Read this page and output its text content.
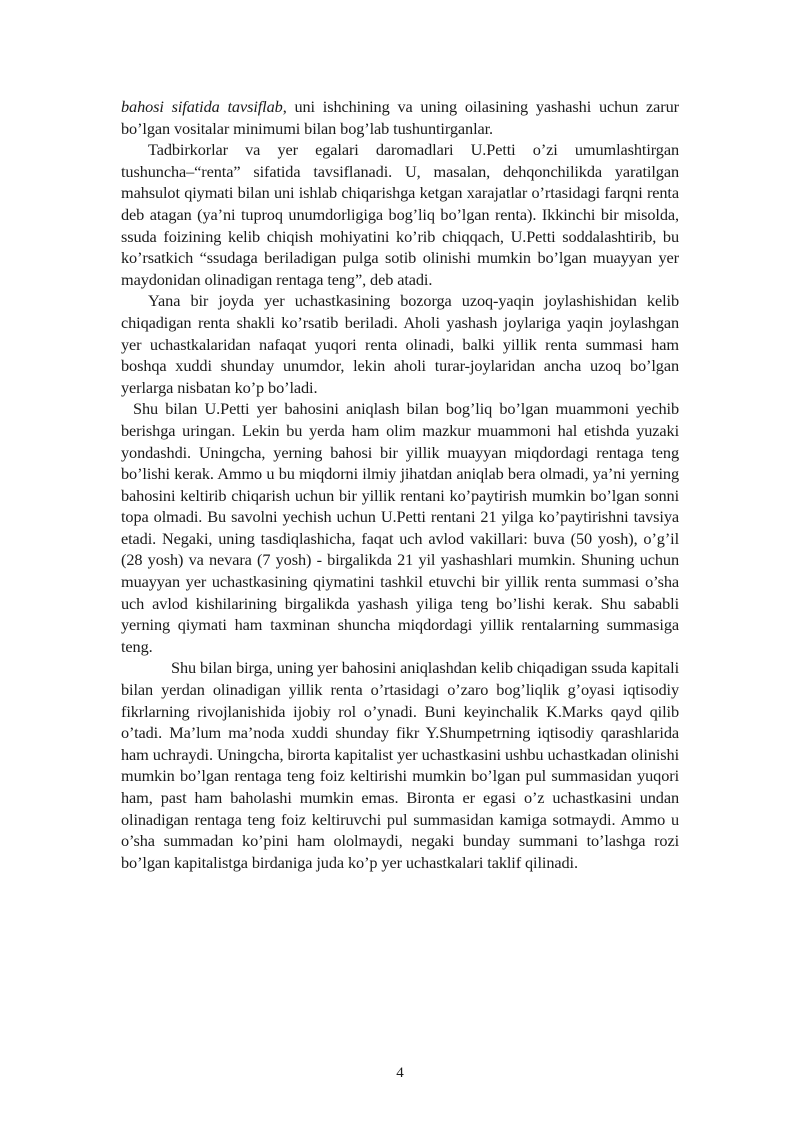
bahosi sifatida tavsiflab, uni ishchining va uning oilasining yashashi uchun zarur bo’lgan vositalar minimumi bilan bog’lab tushuntirganlar.

Tadbirkorlar va yer egalari daromadlari U.Petti o’zi umumlashtirgan tushuncha–“renta” sifatida tavsiflanadi. U, masalan, dehqonchilikda yaratilgan mahsulot qiymati bilan uni ishlab chiqarishga ketgan xarajatlar o’rtasidagi farqni renta deb atagan (ya’ni tuproq unumdorligiga bog’liq bo’lgan renta). Ikkinchi bir misolda, ssuda foizining kelib chiqish mohiyatini ko’rib chiqqach, U.Petti soddalashtirib, bu ko’rsatkich “ssudaga beriladigan pulga sotib olinishi mumkin bo’lgan muayyan yer maydonidan olinadigan rentaga teng”, deb atadi.

Yana bir joyda yer uchastkasining bozorga uzoq-yaqin joylashishidan kelib chiqadigan renta shakli ko’rsatib beriladi. Aholi yashash joylariga yaqin joylashgan yer uchastkalaridan nafaqat yuqori renta olinadi, balki yillik renta summasi ham boshqa xuddi shunday unumdor, lekin aholi turar-joylaridan ancha uzoq bo’lgan yerlarga nisbatan ko’p bo’ladi.

Shu bilan U.Petti yer bahosini aniqlash bilan bog’liq bo’lgan muammoni yechib berishga uringan. Lekin bu yerda ham olim mazkur muammoni hal etishda yuzaki yondashdi. Uningcha, yerning bahosi bir yillik muayyan miqdordagi rentaga teng bo’lishi kerak. Ammo u bu miqdorni ilmiy jihatdan aniqlab bera olmadi, ya’ni yerning bahosini keltirib chiqarish uchun bir yillik rentani ko’paytirish mumkin bo’lgan sonni topa olmadi. Bu savolni yechish uchun U.Petti rentani 21 yilga ko’paytirishni tavsiya etadi. Negaki, uning tasdiqlashicha, faqat uch avlod vakillari: buva (50 yosh), o’g’il (28 yosh) va nevara (7 yosh) - birgalikda 21 yil yashashlari mumkin. Shuning uchun muayyan yer uchastkasining qiymatini tashkil etuvchi bir yillik renta summasi o’sha uch avlod kishilarining birgalikda yashash yiliga teng bo’lishi kerak. Shu sababli yerning qiymati ham taxminan shuncha miqdordagi yillik rentalarning summasiga teng.

Shu bilan birga, uning yer bahosini aniqlashdan kelib chiqadigan ssuda kapitali bilan yerdan olinadigan yillik renta o’rtasidagi o’zaro bog’liqlik g’oyasi iqtisodiy fikrlarning rivojlanishida ijobiy rol o’ynadi. Buni keyinchalik K.Marks qayd qilib o’tadi. Ma’lum ma’noda xuddi shunday fikr Y.Shumpetrning iqtisodiy qarashlarida ham uchraydi. Uningcha, birorta kapitalist yer uchastkasini ushbu uchastkadan olinishi mumkin bo’lgan rentaga teng foiz keltirishi mumkin bo’lgan pul summasidan yuqori ham, past ham baholashi mumkin emas. Bironta er egasi o’z uchastkasini undan olinadigan rentaga teng foiz keltiruvchi pul summasidan kamiga sotmaydi. Ammo u o’sha summadan ko’pini ham ololmaydi, negaki bunday summani to’lashga rozi bo’lgan kapitalistga birdaniga juda ko’p yer uchastkalari taklif qilinadi.

4
